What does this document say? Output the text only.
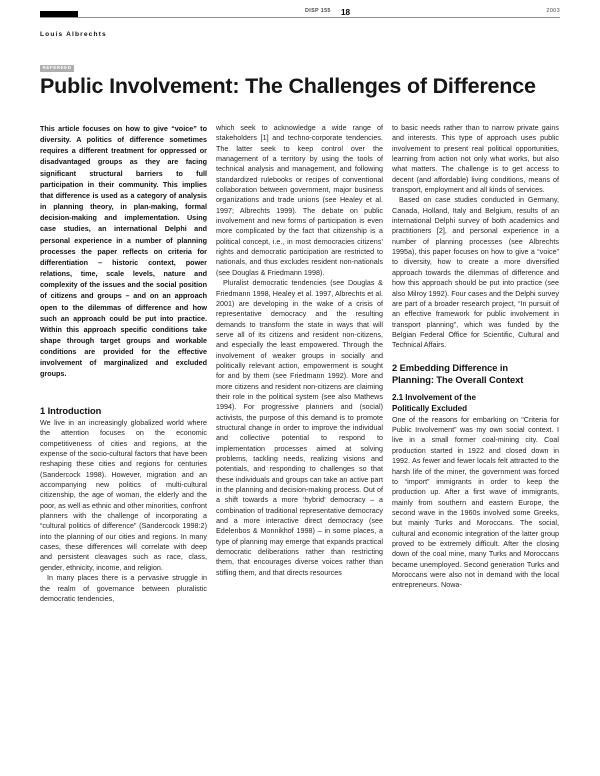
DISP 155 18	2003
Louis Albrechts
REFEREED
Public Involvement: The Challenges of Difference

This article focuses on how to give “voice” to diversity. A politics of difference sometimes requires a different treatment for oppressed or disadvantaged groups as they are facing significant structural barriers to full participation in their community. This implies that difference is used as a category of analysis in planning theory, in plan-making, formal decision-making and implementation. Using case studies, an international Delphi and personal experience in a number of planning processes the paper reflects on criteria for differentiation – historic context, power relations, time, scale levels, nature and complexity of the issues and the social position of citizens and groups – and on an approach open to the dilemmas of difference and how such an approach could be put into practice. Within this approach specific conditions take shape through target groups and workable conditions are provided for the effective involvement of marginalized and excluded groups.

1 Introduction

We live in an increasingly globalized world where the attention focuses on the economic competitiveness of cities and regions, at the expense of the socio-cultural factors that have been reshaping these cities and regions for centuries (Sandercock 1998). However, migration and an accompanying new politics of multi-cultural citizenship, the age of woman, the elderly and the poor, as well as ethnic and other minorities, confront planners with the challenge of incorporating a “cultural politics of difference” (Sandercock 1998:2) into the planning of our cities and regions. In many cases, these differences will correlate with deep and persistent cleavages such as race, class, gender, ethnicity, income, and religion.

In many places there is a pervasive struggle in the realm of governance between pluralistic democratic tendencies,

which seek to acknowledge a wide range of stakeholders [1] and techno-corporate tendencies. The latter seek to keep control over the management of a territory by using the tools of technical analysis and management, and following standardized rulebooks or recipes of conventional collaboration between government, major business organizations and trade unions (see Healey et al. 1997; Albrechts 1999). The debate on public involvement and new forms of participation is even more complicated by the fact that citizenship is a political concept, i.e., in most democracies citizens’ rights and democratic participation are restricted to nationals, and thus excludes resident non-nationals (see Douglas & Friedmann 1998).

Pluralist democratic tendencies (see Douglas & Friedmann 1998, Healey et al. 1997, Albrechts et al. 2001) are developing in the wake of a crisis of representative democracy and the resulting demands to transform the state in ways that will serve all of its citizens and resident non-citizens, and especially the least empowered. Through the involvement of weaker groups in socially and politically relevant action, empowerment is sought for and by them (see Friedmann 1992). More and more citizens and resident non-citizens are claiming their role in the political system (see also Mathews 1994). For progressive planners and (social) activists, the purpose of this demand is to promote structural change in order to improve the individual and collective potential to respond to implementation processes aimed at solving problems, tackling needs, realizing visions and potentials, and responding to challenges so that these individuals and groups can take an active part in the planning and decision-making process. Out of a shift towards a more ‘hybrid’ democracy – a combination of traditional representative democracy and a more interactive direct democracy (see Edelenbos & Monnikhof 1998) – in some places, a type of planning may emerge that expands practical democratic deliberations rather than restricting them, that encourages diverse voices rather than stifling them, and that directs resources

to basic needs rather than to narrow private gains and interests. This type of approach uses public involvement to present real political opportunities, learning from action not only what works, but also what matters. The challenge is to get access to decent (and affordable) living conditions, means of transport, employment and all kinds of services.

Based on case studies conducted in Germany, Canada, Holland, Italy and Belgium, results of an international Delphi survey of both academics and practitioners [2], and personal experience in a number of planning processes (see Albrechts 1995a), this paper focuses on how to give a “voice” to diversity, how to create a more diversified approach towards the dilemmas of difference and how this approach should be put into practice (see also Milroy 1992). Four cases and the Delphi survey are part of a broader research project, “In pursuit of an effective framework for public involvement in transport planning”, which was funded by the Belgian Federal Office for Scientific, Cultural and Technical Affairs.

2 Embedding Difference in
Planning: The Overall Context
2.1 Involvement of the
Politically Excluded

One of the reasons for embarking on “Criteria for Public Involvement” was my own social context. I live in a small former coal-mining city. Coal production started in 1922 and closed down in 1992. As fewer and fewer locals felt attracted to the harsh life of the miner, the government was forced to “import” immigrants in order to keep the production up. After a first wave of immigrants, mainly from southern and eastern Europe, the second wave in the 1960s involved some Greeks, but mainly Turks and Moroccans. The social, cultural and economic integration of the latter group proved to be extremely difficult. After the closing down of the coal mine, many Turks and Moroccans became unemployed. Second generation Turks and Moroccans were also not in demand with the local entrepreneurs. Nowa-
